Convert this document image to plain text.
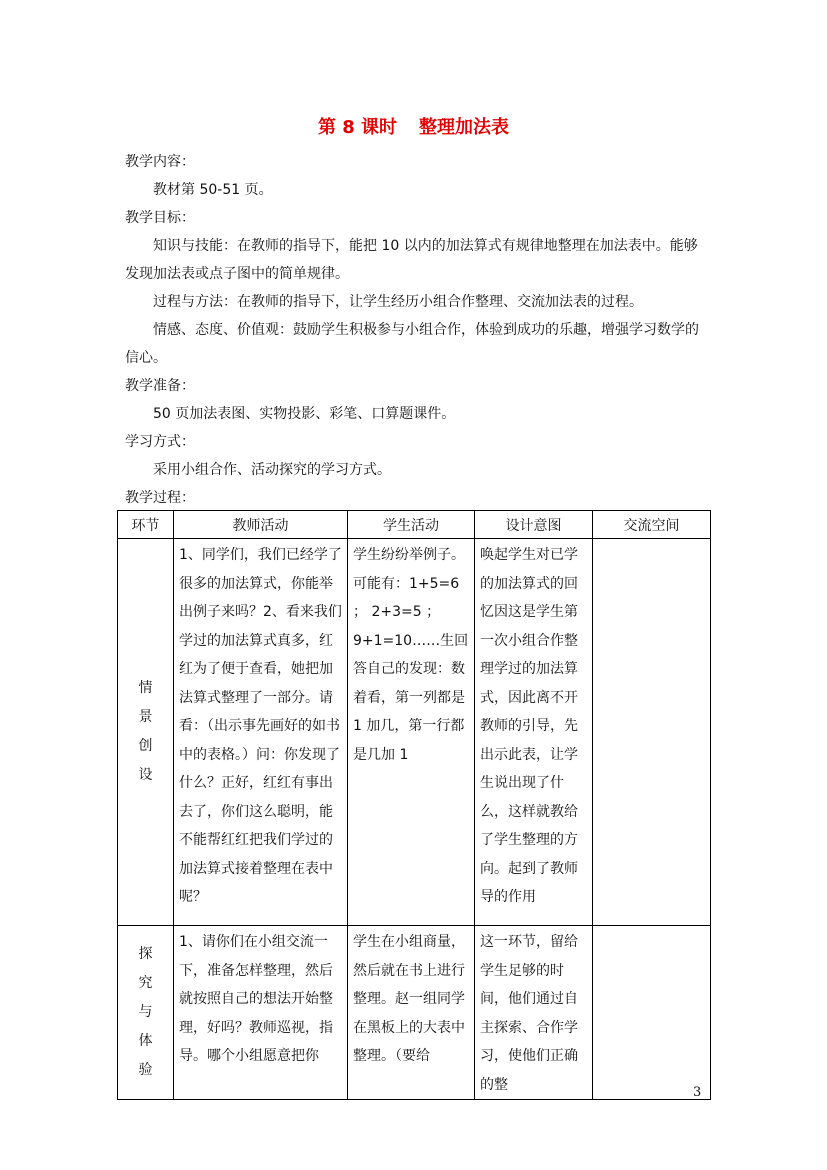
第 8 课时 整理加法表
教学内容：
教材第 50-51 页。
教学目标：
知识与技能：在教师的指导下，能把 10 以内的加法算式有规律地整理在加法表中。能够发现加法表或点子图中的简单规律。
过程与方法：在教师的指导下，让学生经历小组合作整理、交流加法表的过程。
情感、态度、价值观：鼓励学生积极参与小组合作，体验到成功的乐趣，增强学习数学的信心。
教学准备：
50 页加法表图、实物投影、彩笔、口算题课件。
学习方式：
采用小组合作、活动探究的学习方式。
教学过程：
环节	教师活动	学生活动	设计意图	交流空间

情
景
创
设	1、同学们，我们已经学了很多的加法算式，你能举出例子来吗？2、看来我们学过的加法算式真多，红红为了便于查看，她把加法算式整理了一部分。请看：（出示事先画好的如书中的表格。）问：你发现了什么？正好，红红有事出去了，你们这么聪明，能不能帮红红把我们学过的加法算式接着整理在表中呢？	学生纷纷举例子。可能有：1+5=6 ； 2+3=5 ；9+1=10……生回答自己的发现：数着看，第一列都是 1 加几，第一行都是几加 1	唤起学生对已学的加法算式的回忆因这是学生第一次小组合作整理学过的加法算式，因此离不开教师的引导，先出示此表，让学生说出现了什么，这样就教给了学生整理的方向。起到了教师导的作用	

探
究
与
体
验	1、请你们在小组交流一下，准备怎样整理，然后就按照自己的想法开始整理，好吗？教师巡视，指导。哪个小组愿意把你	学生在小组商量，然后就在书上进行整理。赵一组同学在黑板上的大表中整理。（要给	这一环节，留给学生足够的时间，他们通过自主探索、合作学习，使他们正确的整	
		3
